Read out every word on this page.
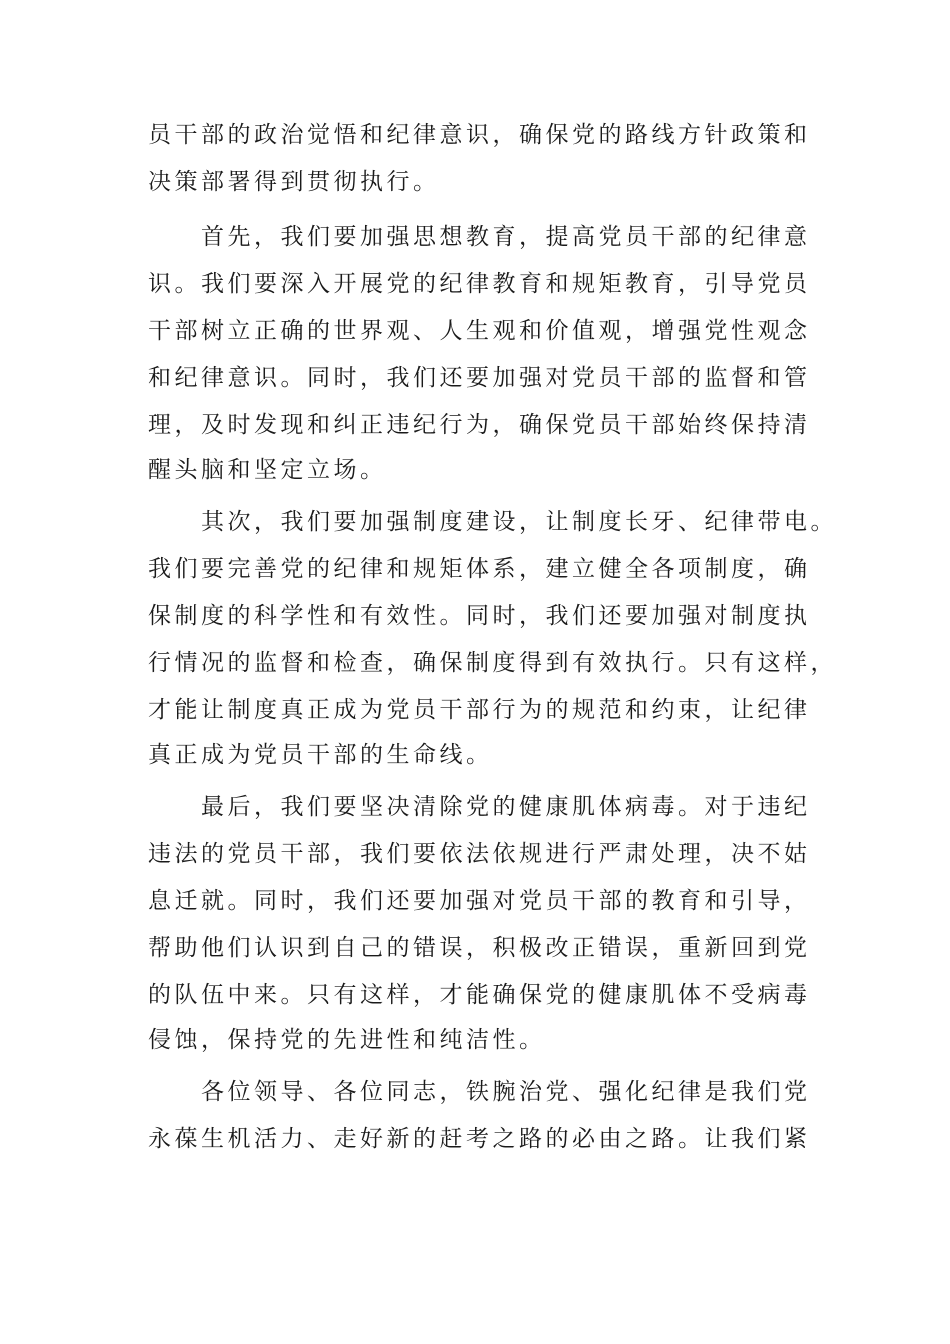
员干部的政治觉悟和纪律意识，确保党的路线方针政策和
决策部署得到贯彻执行。
首先，我们要加强思想教育，提高党员干部的纪律意
识。我们要深入开展党的纪律教育和规矩教育，引导党员
干部树立正确的世界观、人生观和价值观，增强党性观念
和纪律意识。同时，我们还要加强对党员干部的监督和管
理，及时发现和纠正违纪行为，确保党员干部始终保持清
醒头脑和坚定立场。
其次，我们要加强制度建设，让制度长牙、纪律带电。
我们要完善党的纪律和规矩体系，建立健全各项制度，确
保制度的科学性和有效性。同时，我们还要加强对制度执
行情况的监督和检查，确保制度得到有效执行。只有这样，
才能让制度真正成为党员干部行为的规范和约束，让纪律
真正成为党员干部的生命线。
最后，我们要坚决清除党的健康肌体病毒。对于违纪
违法的党员干部，我们要依法依规进行严肃处理，决不姑
息迁就。同时，我们还要加强对党员干部的教育和引导，
帮助他们认识到自己的错误，积极改正错误，重新回到党
的队伍中来。只有这样，才能确保党的健康肌体不受病毒
侵蚀，保持党的先进性和纯洁性。
各位领导、各位同志，铁腕治党、强化纪律是我们党
永葆生机活力、走好新的赶考之路的必由之路。让我们紧
